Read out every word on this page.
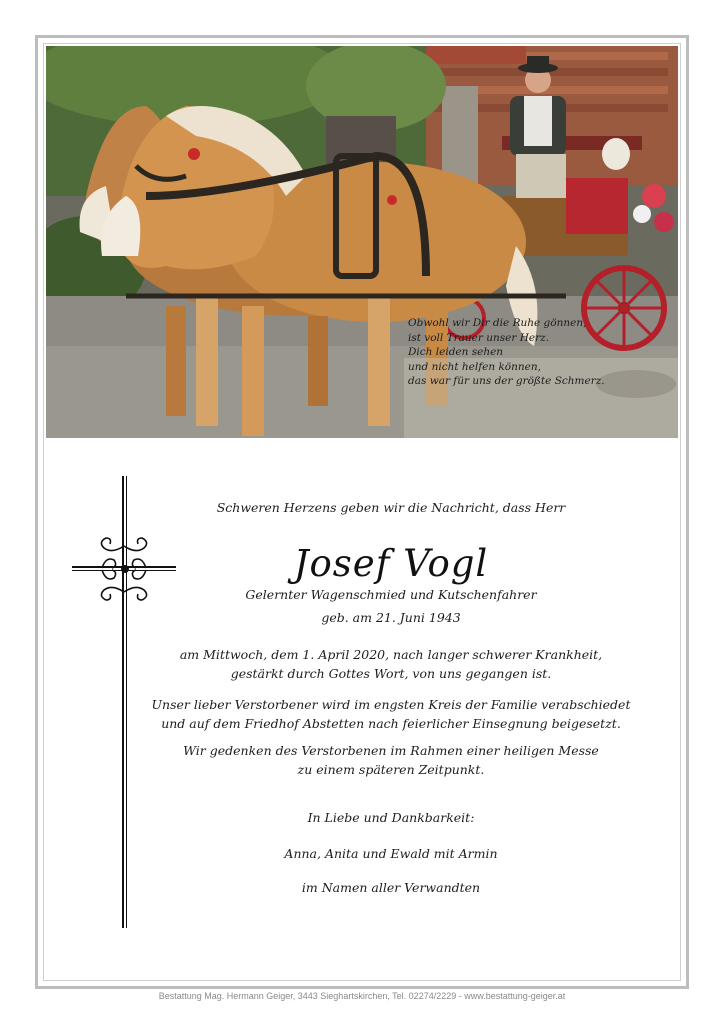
Obwohl wir Dir die Ruhe gönnen,
ist voll Trauer unser Herz.
Dich leiden sehen
und nicht helfen können,
das war für uns der größte Schmerz.
Schweren Herzens geben wir die Nachricht, dass Herr
Josef Vogl
Gelernter Wagenschmied und Kutschenfahrer
geb. am 21. Juni 1943
am Mittwoch, dem 1. April 2020, nach langer schwerer Krankheit,
gestärkt durch Gottes Wort, von uns gegangen ist.
Unser lieber Verstorbener wird im engsten Kreis der Familie verabschiedet
und auf dem Friedhof Abstetten nach feierlicher Einsegnung beigesetzt.
Wir gedenken des Verstorbenen im Rahmen einer heiligen Messe
zu einem späteren Zeitpunkt.
In Liebe und Dankbarkeit:
Anna, Anita und Ewald mit Armin
im Namen aller Verwandten
Bestattung Mag. Hermann Geiger, 3443 Sieghartskirchen, Tel. 02274/2229 - www.bestattung-geiger.at
